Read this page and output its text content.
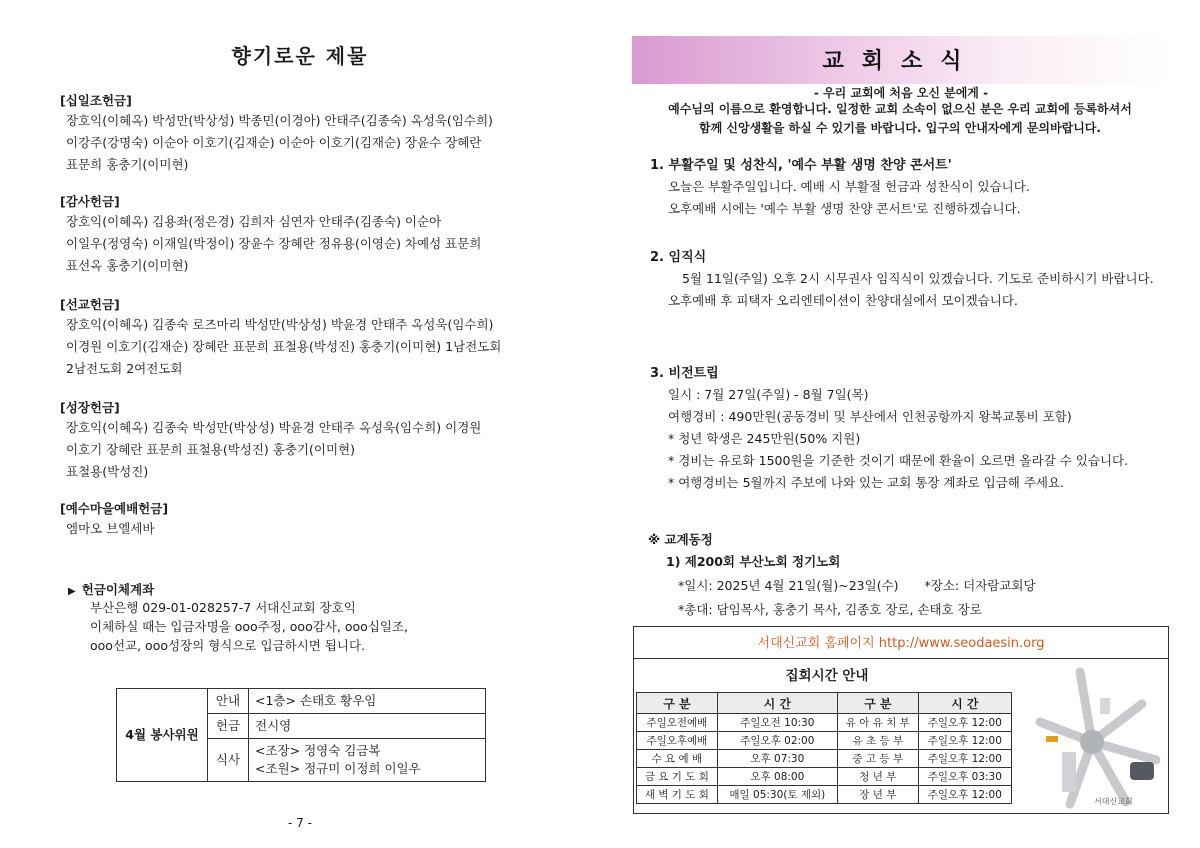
향기로운 제물
[십일조헌금]
장호익(이혜옥) 박성만(박상성) 박종민(이경아) 안태주(김종숙) 옥성욱(임수희)
이강주(강명숙) 이순아 이호기(김재순) 이순아 이호기(김재순) 장윤수 장혜란
표문희 홍충기(이미현)
[감사헌금]
장호익(이혜옥) 김용좌(정은경) 김희자 심연자 안태주(김종숙) 이순아
이일우(정영숙) 이재일(박정이) 장윤수 장혜란 정유용(이영순) 차예성 표문희
표선옥 홍충기(이미현)
[선교헌금]
장호익(이혜옥) 김종숙 로즈마리 박성만(박상성) 박윤경 안태주 옥성욱(임수희)
이경원 이호기(김재순) 장혜란 표문희 표철용(박성진) 홍충기(이미현) 1남전도회
2남전도회 2여전도회
[성장헌금]
장호익(이혜옥) 김종숙 박성만(박상성) 박윤경 안태주 옥성욱(임수희) 이경원
이호기 장혜란 표문희 표철용(박성진) 홍충기(이미현)
표철용(박성진)
[예수마을예배헌금]
엠마오 브엘세바
▶ 헌금이체계좌
부산은행 029-01-028257-7 서대신교회 장호익
이체하실 때는 입금자명을 ooo주정, ooo감사, ooo십일조,
ooo선교, ooo성장의 형식으로 입금하시면 됩니다.
4월 봉사위원	안내	<1층> 손태호 황우임
	헌금	전시영
	식사	<조장> 정영숙 김금복
<조원> 정규미 이정희 이일우
- 7 -
교회소식
- 우리 교회에 처음 오신 분에게 -
예수님의 이름으로 환영합니다. 일정한 교회 소속이 없으신 분은 우리 교회에 등록하셔서
함께 신앙생활을 하실 수 있기를 바랍니다. 입구의 안내자에게 문의바랍니다.
1. 부활주일 및 성찬식, '예수 부활 생명 찬양 콘서트'
오늘은 부활주일입니다. 예배 시 부활절 헌금과 성찬식이 있습니다.
오후예배 시에는 '예수 부활 생명 찬양 콘서트'로 진행하겠습니다.
2. 임직식
5월 11일(주일) 오후 2시 시무권사 임직식이 있겠습니다. 기도로 준비하시기 바랍니다. 오후예배 후 피택자 오리엔테이션이 찬양대실에서 모이겠습니다.
3. 비전트립
일시 : 7월 27일(주일) - 8월 7일(목)
여행경비 : 490만원(공동경비 및 부산에서 인천공항까지 왕복교통비 포함)
* 청년 학생은 245만원(50% 지원)
* 경비는 유로화 1500원을 기준한 것이기 때문에 환율이 오르면 올라갈 수 있습니다.
* 여행경비는 5월까지 주보에 나와 있는 교회 통장 계좌로 입금해 주세요.
※ 교계동정
1) 제200회 부산노회 정기노회
*일시: 2025년 4월 21일(월)~23일(수) *장소: 더자람교회당
*총대: 담임목사, 홍충기 목사, 김종호 장로, 손태호 장로
서대신교회 홈페이지 http://www.seodaesin.org
집회시간 안내
구 분	시 간	구 분	시 간
주일오전예배	주일오전 10:30	유 아 유 치 부	주일오후 12:00
주일오후예배	주일오후 02:00	유 초 등 부	주일오후 12:00
수 요 예 배	오후 07:30	중 고 등 부	주일오후 12:00
금 요 기 도 회	오후 08:00	청 년 부	주일오후 03:30
새 벽 기 도 회	매일 05:30(토 제외)	장 년 부	주일오후 12:00
서대신교회
